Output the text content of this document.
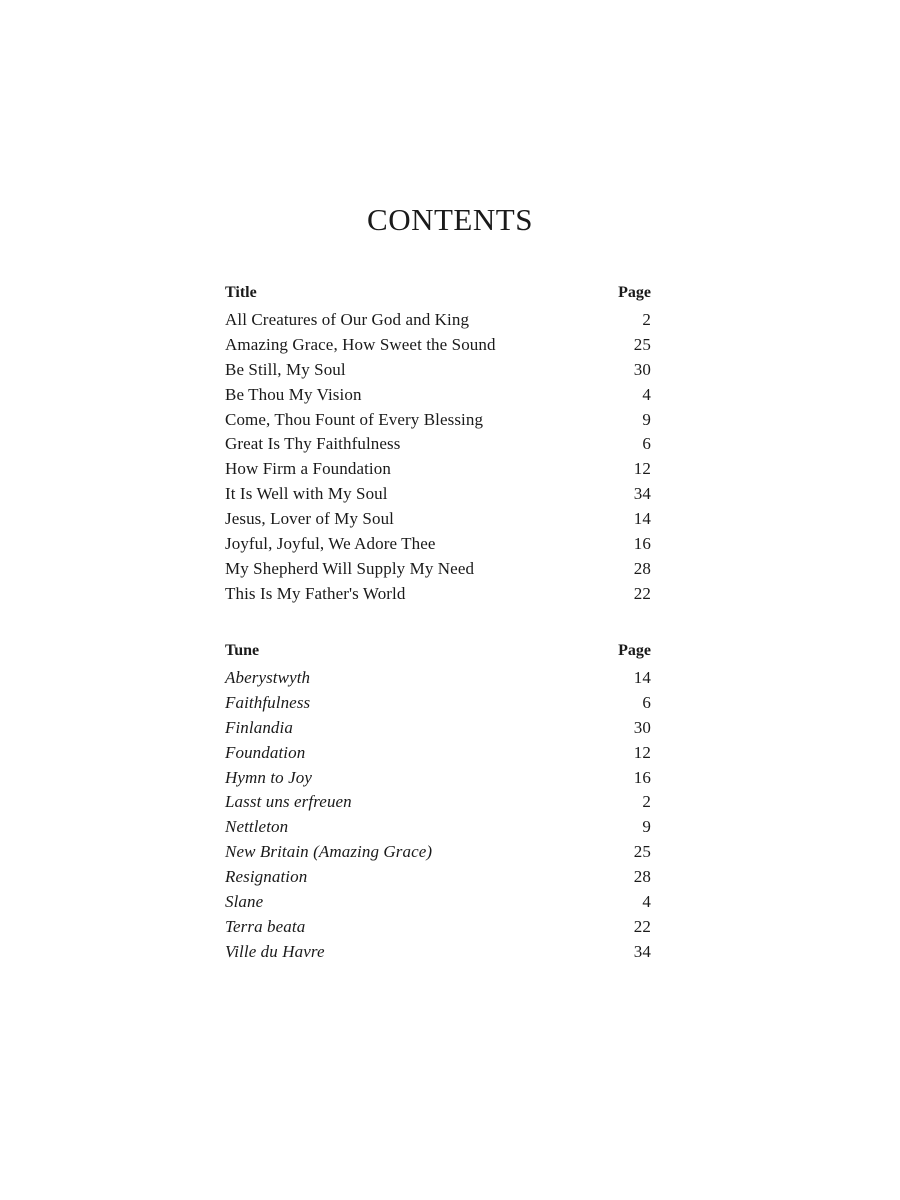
CONTENTS
Title	Page
All Creatures of Our God and King	2
Amazing Grace, How Sweet the Sound	25
Be Still, My Soul	30
Be Thou My Vision	4
Come, Thou Fount of Every Blessing	9
Great Is Thy Faithfulness	6
How Firm a Foundation	12
It Is Well with My Soul	34
Jesus, Lover of My Soul	14
Joyful, Joyful, We Adore Thee	16
My Shepherd Will Supply My Need	28
This Is My Father's World	22
Tune	Page
Aberystwyth	14
Faithfulness	6
Finlandia	30
Foundation	12
Hymn to Joy	16
Lasst uns erfreuen	2
Nettleton	9
New Britain (Amazing Grace)	25
Resignation	28
Slane	4
Terra beata	22
Ville du Havre	34
